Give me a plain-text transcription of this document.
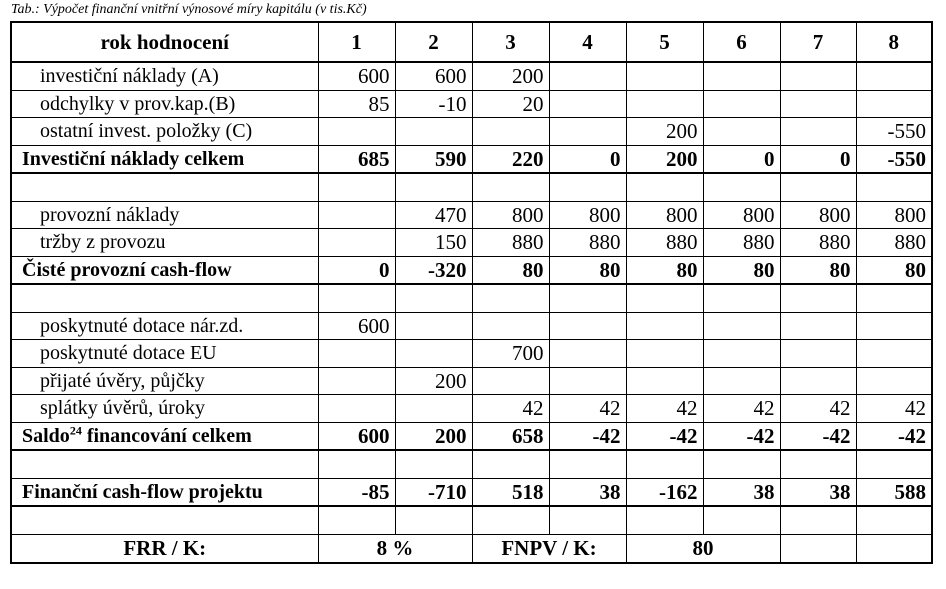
Tab.: Výpočet finanční vnitřní výnosové míry kapitálu (v tis.Kč)
rok hodnocení	1	2	3	4	5	6	7	8
investiční náklady (A)	600	600	200					
odchylky v prov.kap.(B)	85	-10	20					
ostatní invest. položky (C)					200			-550
Investiční náklady celkem	685	590	220	0	200	0	0	-550

provozní náklady		470	800	800	800	800	800	800
tržby z provozu		150	880	880	880	880	880	880
Čisté provozní cash-flow	0	-320	80	80	80	80	80	80

poskytnuté dotace nár.zd.	600							
poskytnuté dotace EU			700					
přijaté úvěry, půjčky		200						
splátky úvěrů, úroky			42	42	42	42	42	42
Saldo$^{24}$ financování celkem	600	200	658	-42	-42	-42	-42	-42

Finanční cash-flow projektu	-85	-710	518	38	-162	38	38	588

FRR / K:	8 %		FNPV / K:		80			
